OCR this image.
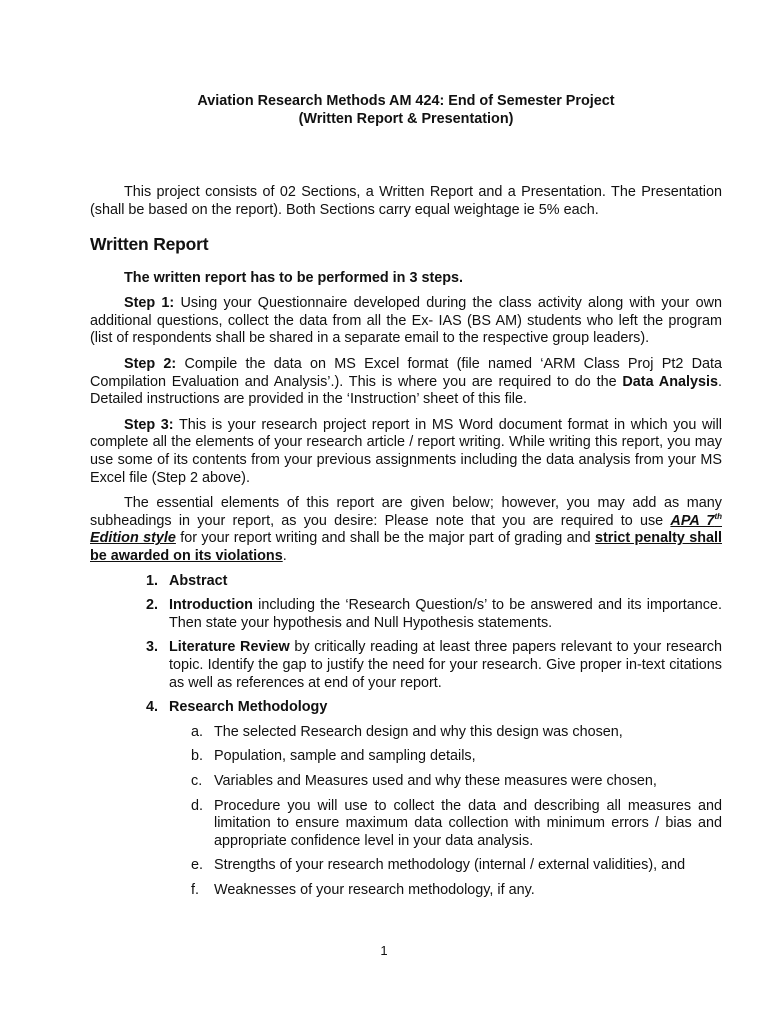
Aviation Research Methods AM 424: End of Semester Project
(Written Report & Presentation)

This project consists of 02 Sections, a Written Report and a Presentation. The Presentation (shall be based on the report). Both Sections carry equal weightage ie 5% each.

Written Report

The written report has to be performed in 3 steps.

Step 1: Using your Questionnaire developed during the class activity along with your own additional questions, collect the data from all the Ex- IAS (BS AM) students who left the program (list of respondents shall be shared in a separate email to the respective group leaders).

Step 2: Compile the data on MS Excel format (file named ‘ARM Class Proj Pt2 Data Compilation Evaluation and Analysis’.). This is where you are required to do the Data Analysis. Detailed instructions are provided in the ‘Instruction’ sheet of this file.

Step 3: This is your research project report in MS Word document format in which you will complete all the elements of your research article / report writing. While writing this report, you may use some of its contents from your previous assignments including the data analysis from your MS Excel file (Step 2 above).

The essential elements of this report are given below; however, you may add as many subheadings in your report, as you desire: Please note that you are required to use APA 7th Edition style for your report writing and shall be the major part of grading and strict penalty shall be awarded on its violations.

1. Abstract
2. Introduction including the ‘Research Question/s’ to be answered and its importance. Then state your hypothesis and Null Hypothesis statements.
3. Literature Review by critically reading at least three papers relevant to your research topic. Identify the gap to justify the need for your research. Give proper in-text citations as well as references at end of your report.
4. Research Methodology
a. The selected Research design and why this design was chosen,
b. Population, sample and sampling details,
c. Variables and Measures used and why these measures were chosen,
d. Procedure you will use to collect the data and describing all measures and limitation to ensure maximum data collection with minimum errors / bias and appropriate confidence level in your data analysis.
e. Strengths of your research methodology (internal / external validities), and
f. Weaknesses of your research methodology, if any.
1
